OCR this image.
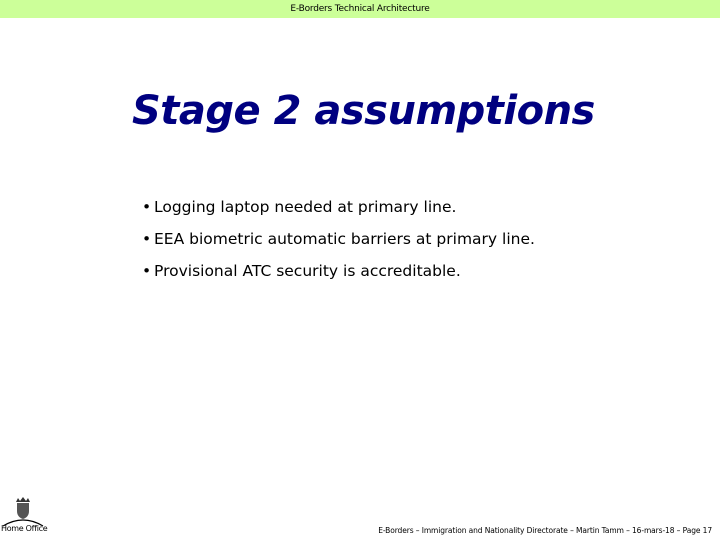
E-Borders Technical Architecture
Stage 2 assumptions
• Logging laptop needed at primary line.
• EEA biometric automatic barriers at primary line.
• Provisional ATC security is accreditable.
Home Office	E-Borders – Immigration and Nationality Directorate – Martin Tamm – 16-mars-18 – Page 17
